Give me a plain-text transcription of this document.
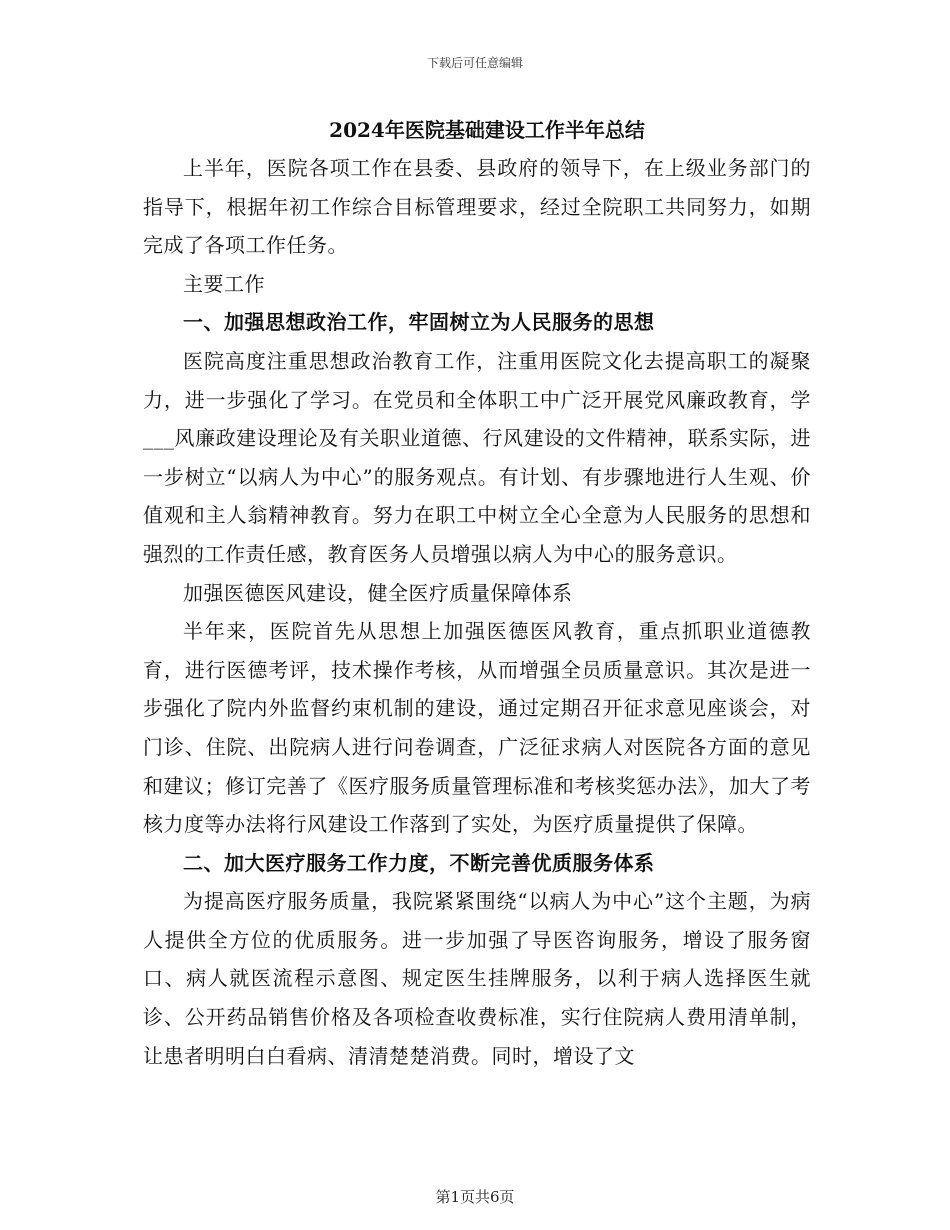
下载后可任意编辑
2024年医院基础建设工作半年总结

上半年，医院各项工作在县委、县政府的领导下，在上级业务部门的指导下，根据年初工作综合目标管理要求，经过全院职工共同努力，如期完成了各项工作任务。

主要工作

一、加强思想政治工作，牢固树立为人民服务的思想

医院高度注重思想政治教育工作，注重用医院文化去提高职工的凝聚力，进一步强化了学习。在党员和全体职工中广泛开展党风廉政教育，学___风廉政建设理论及有关职业道德、行风建设的文件精神，联系实际，进一步树立“以病人为中心”的服务观点。有计划、有步骤地进行人生观、价值观和主人翁精神教育。努力在职工中树立全心全意为人民服务的思想和强烈的工作责任感，教育医务人员增强以病人为中心的服务意识。

加强医德医风建设，健全医疗质量保障体系

半年来，医院首先从思想上加强医德医风教育，重点抓职业道德教育，进行医德考评，技术操作考核，从而增强全员质量意识。其次是进一步强化了院内外监督约束机制的建设，通过定期召开征求意见座谈会，对门诊、住院、出院病人进行问卷调查，广泛征求病人对医院各方面的意见和建议；修订完善了《医疗服务质量管理标准和考核奖惩办法》，加大了考核力度等办法将行风建设工作落到了实处，为医疗质量提供了保障。

二、加大医疗服务工作力度，不断完善优质服务体系

为提高医疗服务质量，我院紧紧围绕“以病人为中心”这个主题，为病人提供全方位的优质服务。进一步加强了导医咨询服务，增设了服务窗口、病人就医流程示意图、规定医生挂牌服务，以利于病人选择医生就诊、公开药品销售价格及各项检查收费标准，实行住院病人费用清单制，让患者明明白白看病、清清楚楚消费。同时，增设了文

第1页共6页
